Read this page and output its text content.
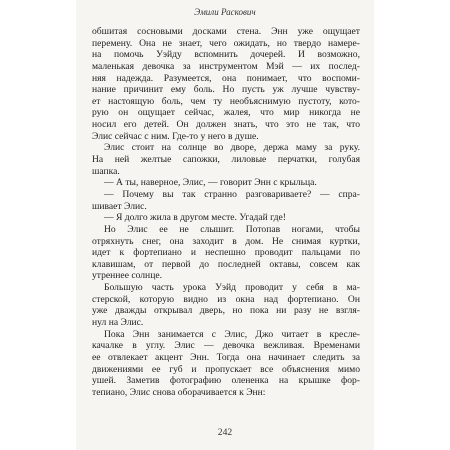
Эмили Раскович
обшитая сосновыми досками стена. Энн уже ощущает
перемену. Она не знает, чего ожидать, но твердо намере-
на помочь Уэйду вспомнить дочерей. И возможно,
маленькая девочка за инструментом Мэй — их послед-
няя надежда. Разумеется, она понимает, что воспоми-
нание причинит ему боль. Но пусть уж лучше чувству-
ет настоящую боль, чем ту необъяснимую пустоту, кото-
рую он ощущает сейчас, жалея, что мир никогда не
носил его детей. Он должен знать, что это не так, что
Элис сейчас с ним. Где-то у него в душе.
Элис стоит на солнце во дворе, держа маму за руку.
На ней желтые сапожки, лиловые перчатки, голубая
шапка.
— А ты, наверное, Элис, — говорит Энн с крыльца.
— Почему вы так странно разговариваете? — спра-
шивает Элис.
— Я долго жила в другом месте. Угадай где!
Но Элис ее не слышит. Потопав ногами, чтобы
отряхнуть снег, она заходит в дом. Не снимая куртки,
идет к фортепиано и неспешно проводит пальцами по
клавишам, от первой до последней октавы, совсем как
утреннее солнце.
Большую часть урока Уэйд проводит у себя в ма-
стерской, которую видно из окна над фортепиано. Он
уже дважды открывал дверь, но пока ни разу не взгля-
нул на Элис.
Пока Энн занимается с Элис, Джо читает в кресле-
качалке в углу. Элис — девочка вежливая. Временами
ее отвлекает акцент Энн. Тогда она начинает следить за
движениями ее губ и пропускает все объяснения мимо
ушей. Заметив фотографию олененка на крышке фор-
тепиано, Элис снова оборачивается к Энн:
242
